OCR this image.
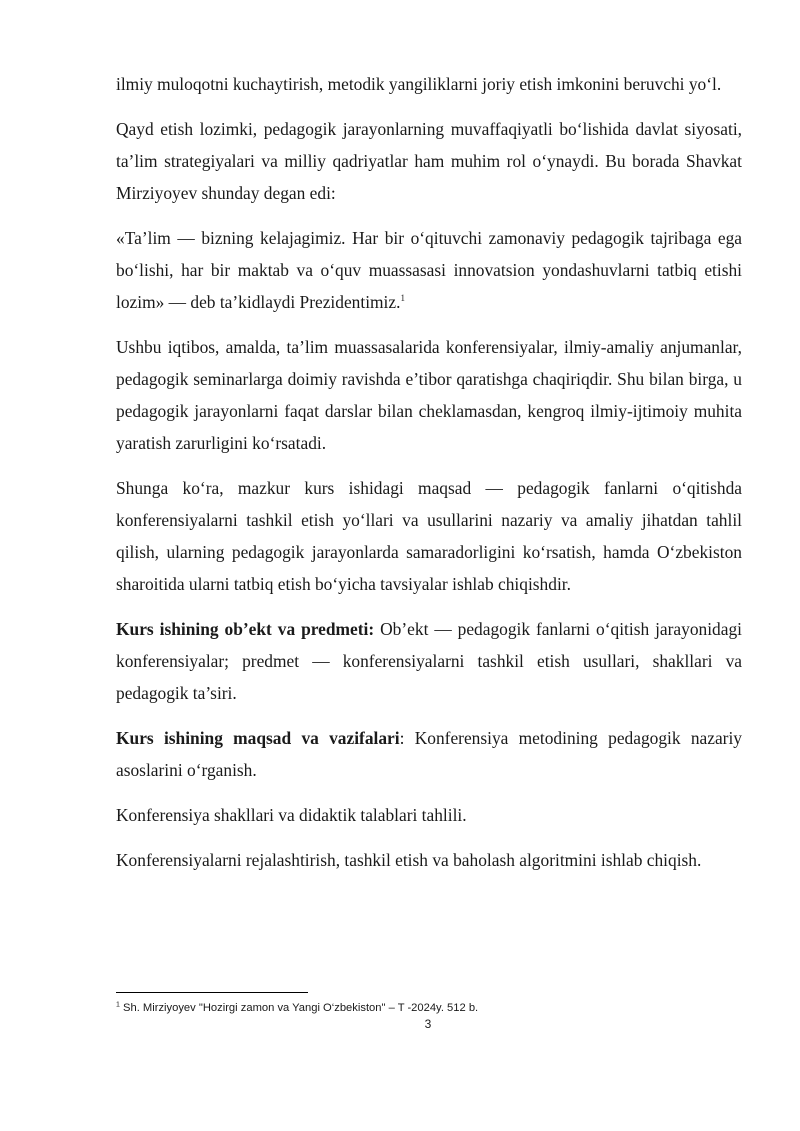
ilmiy muloqotni kuchaytirish, metodik yangiliklarni joriy etish imkonini beruvchi yo‘l.

Qayd etish lozimki, pedagogik jarayonlarning muvaffaqiyatli bo‘lishida davlat siyosati, ta’lim strategiyalari va milliy qadriyatlar ham muhim rol o‘ynaydi. Bu borada Shavkat Mirziyoyev shunday degan edi:

«Ta’lim — bizning kelajagimiz. Har bir o‘qituvchi zamonaviy pedagogik tajribaga ega bo‘lishi, har bir maktab va o‘quv muassasasi innovatsion yondashuvlarni tatbiq etishi lozim» — deb ta’kidlaydi Prezidentimiz.$^1$

Ushbu iqtibos, amalda, ta’lim muassasalarida konferensiyalar, ilmiy-amaliy anjumanlar, pedagogik seminarlarga doimiy ravishda e’tibor qaratishga chaqiriqdir. Shu bilan birga, u pedagogik jarayonlarni faqat darslar bilan cheklamasdan, kengroq ilmiy-ijtimoiy muhita yaratish zarurligini ko‘rsatadi.

Shunga ko‘ra, mazkur kurs ishidagi maqsad — pedagogik fanlarni o‘qitishda konferensiyalarni tashkil etish yo‘llari va usullarini nazariy va amaliy jihatdan tahlil qilish, ularning pedagogik jarayonlarda samaradorligini ko‘rsatish, hamda O‘zbekiston sharoitida ularni tatbiq etish bo‘yicha tavsiyalar ishlab chiqishdir.

Kurs ishining ob’ekt va predmeti: Ob’ekt — pedagogik fanlarni o‘qitish jarayonidagi konferensiyalar; predmet — konferensiyalarni tashkil etish usullari, shakllari va pedagogik ta’siri.

Kurs ishining maqsad va vazifalari: Konferensiya metodining pedagogik nazariy asoslarini o‘rganish.

Konferensiya shakllari va didaktik talablari tahlili.

Konferensiyalarni rejalashtirish, tashkil etish va baholash algoritmini ishlab chiqish.

$^1$ Sh. Mirziyoyev "Hozirgi zamon va Yangi O‘zbekiston" – T -2024y. 512 b.
3
